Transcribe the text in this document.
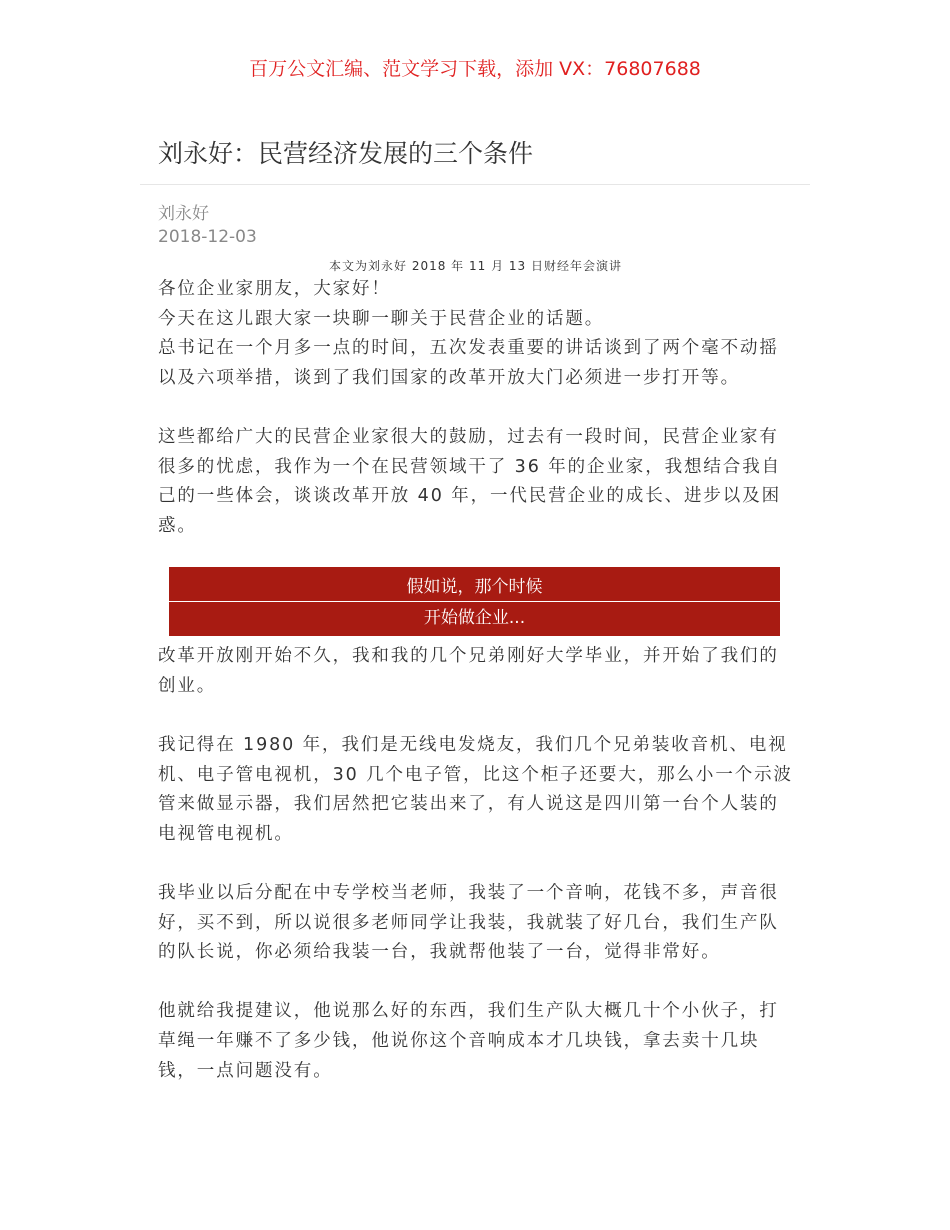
百万公文汇编、范文学习下载，添加 VX：76807688
刘永好：民营经济发展的三个条件
刘永好
2018-12-03
本文为刘永好 2018 年 11 月 13 日财经年会演讲

各位企业家朋友，大家好！

今天在这儿跟大家一块聊一聊关于民营企业的话题。

总书记在一个月多一点的时间，五次发表重要的讲话谈到了两个毫不动摇以及六项举措，谈到了我们国家的改革开放大门必须进一步打开等。

这些都给广大的民营企业家很大的鼓励，过去有一段时间，民营企业家有很多的忧虑，我作为一个在民营领域干了 36 年的企业家，我想结合我自己的一些体会，谈谈改革开放 40 年，一代民营企业的成长、进步以及困惑。

假如说，那个时候
开始做企业...

改革开放刚开始不久，我和我的几个兄弟刚好大学毕业，并开始了我们的创业。

我记得在 1980 年，我们是无线电发烧友，我们几个兄弟装收音机、电视机、电子管电视机，30 几个电子管，比这个柜子还要大，那么小一个示波管来做显示器，我们居然把它装出来了，有人说这是四川第一台个人装的电视管电视机。

我毕业以后分配在中专学校当老师，我装了一个音响，花钱不多，声音很好，买不到，所以说很多老师同学让我装，我就装了好几台，我们生产队的队长说，你必须给我装一台，我就帮他装了一台，觉得非常好。

他就给我提建议，他说那么好的东西，我们生产队大概几十个小伙子，打草绳一年赚不了多少钱，他说你这个音响成本才几块钱，拿去卖十几块钱，一点问题没有。
